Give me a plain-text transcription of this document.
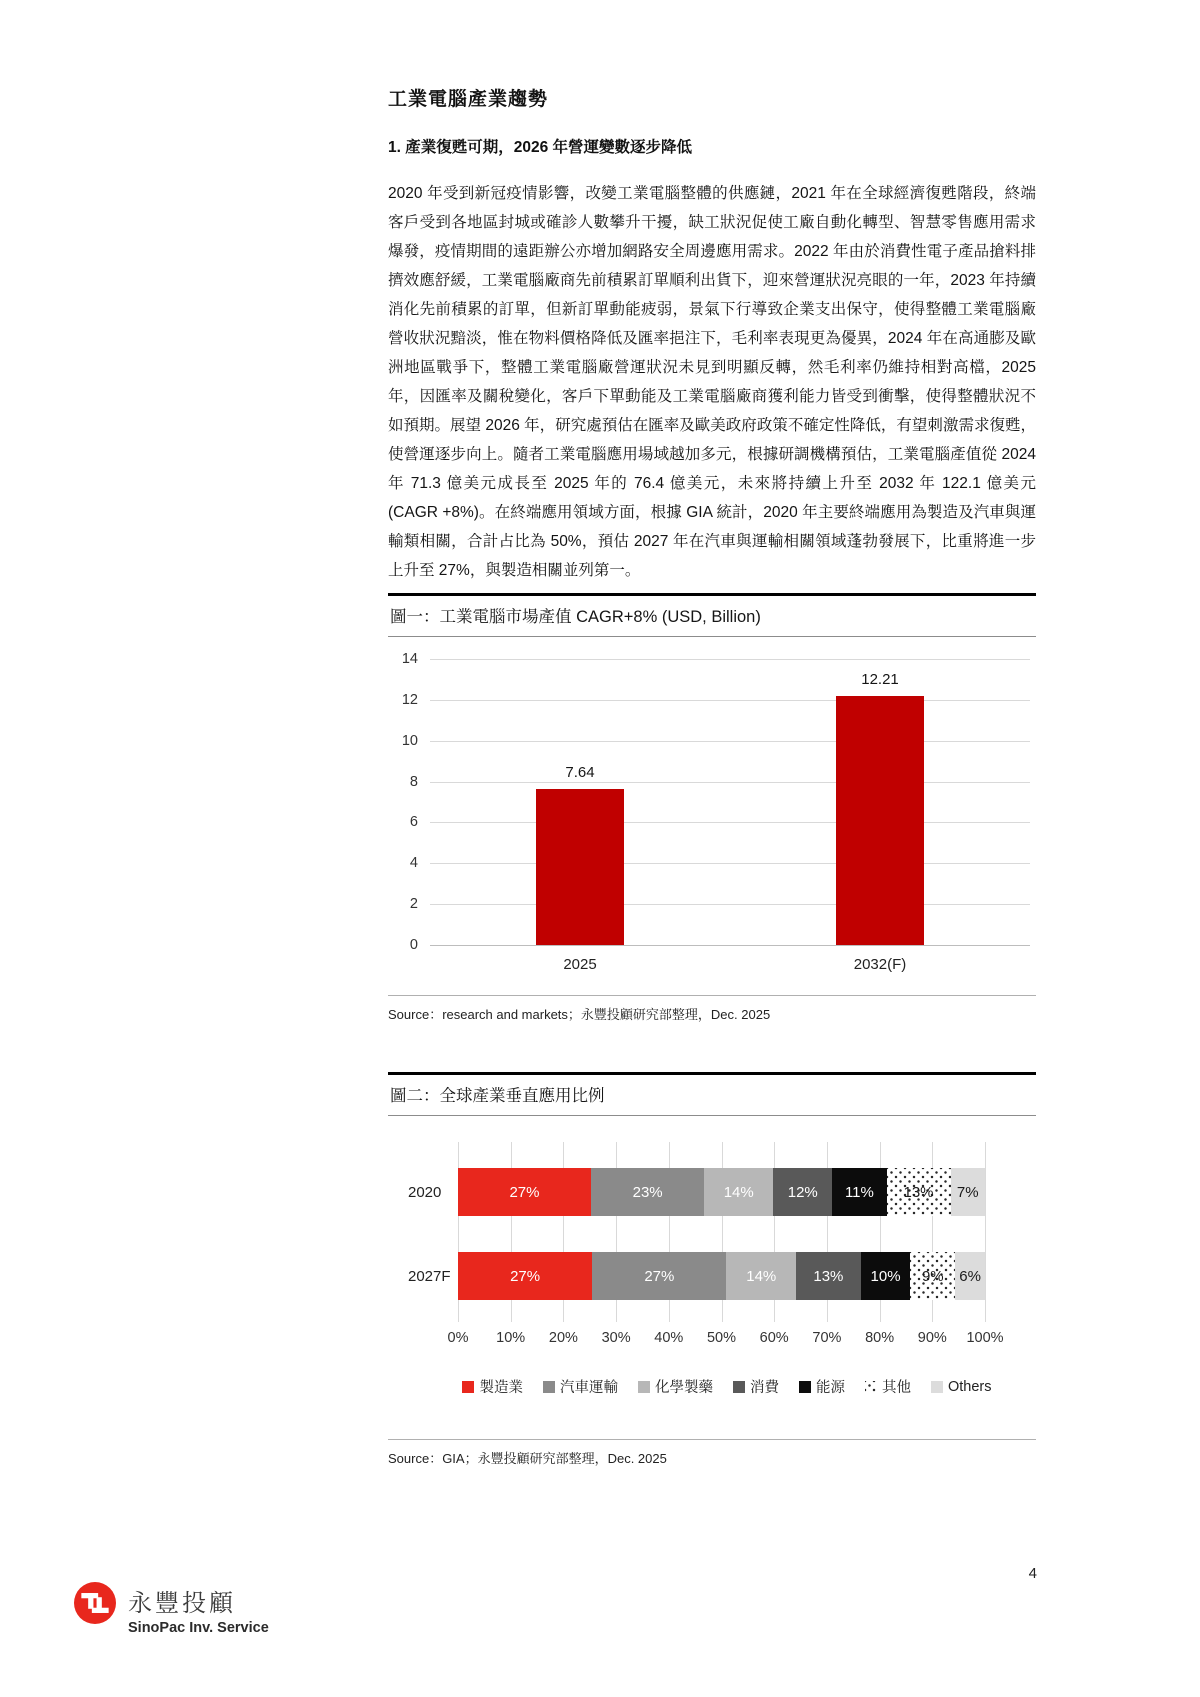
工業電腦產業趨勢
1. 產業復甦可期，2026 年營運變數逐步降低

2020 年受到新冠疫情影響，改變工業電腦整體的供應鏈，2021 年在全球經濟復甦階段，終端客戶受到各地區封城或確診人數攀升干擾，缺工狀況促使工廠自動化轉型、智慧零售應用需求爆發，疫情期間的遠距辦公亦增加網路安全周邊應用需求。2022 年由於消費性電子產品搶料排擠效應舒緩，工業電腦廠商先前積累訂單順利出貨下，迎來營運狀況亮眼的一年，2023 年持續消化先前積累的訂單，但新訂單動能疲弱，景氣下行導致企業支出保守，使得整體工業電腦廠營收狀況黯淡，惟在物料價格降低及匯率挹注下，毛利率表現更為優異，2024 年在高通膨及歐洲地區戰爭下，整體工業電腦廠營運狀況未見到明顯反轉，然毛利率仍維持相對高檔，2025 年，因匯率及關稅變化，客戶下單動能及工業電腦廠商獲利能力皆受到衝擊，使得整體狀況不如預期。展望 2026 年，研究處預估在匯率及歐美政府政策不確定性降低，有望刺激需求復甦，使營運逐步向上。隨者工業電腦應用場域越加多元，根據研調機構預估，工業電腦產值從 2024 年 71.3 億美元成長至 2025 年的 76.4 億美元，未來將持續上升至 2032 年 122.1 億美元(CAGR +8%)。在終端應用領域方面，根據 GIA 統計，2020 年主要終端應用為製造及汽車與運輸類相關，合計占比為 50%，預估 2027 年在汽車與運輸相關領域蓬勃發展下，比重將進一步上升至 27%，與製造相關並列第一。

圖一：工業電腦市場產值 CAGR+8% (USD, Billion)
0
2
4
6
8
10
12
14
7.64
12.21
2025	2032(F)
Source：research and markets；永豐投顧研究部整理，Dec. 2025
圖二：全球產業垂直應用比例
2020	27%	23%	14%	12%	11%	13%	7%
2027F	27%	27%	14%	13%	10%	9%	6%
0% 10% 20% 30% 40% 50% 60% 70% 80% 90% 100%
製造業	汽車運輸	化學製藥	消費	能源	其他	Others
Source：GIA；永豐投顧研究部整理，Dec. 2025
永豐投顧
SinoPac Inv. Service
4
